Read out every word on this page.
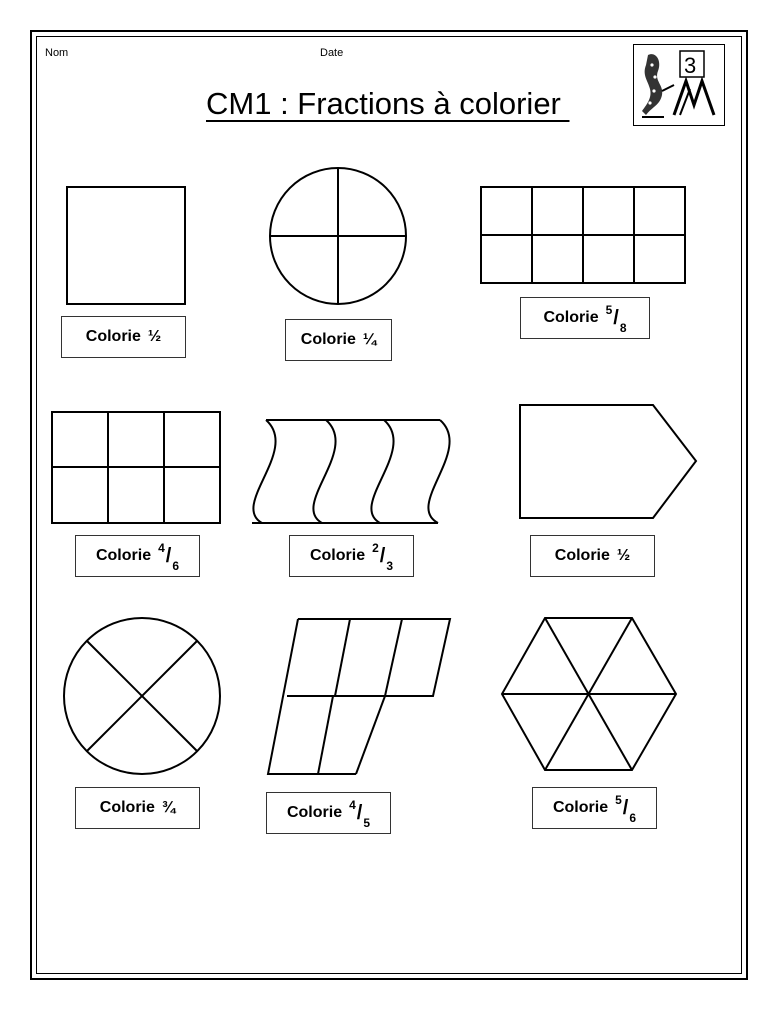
Nom	Date
CM1 : Fractions à colorier
3
Colorie ½	Colorie ¼
Colorie 5 / 8
Colorie 4 / 6
Colorie 2 / 3
Colorie ½
Colorie ¾	Colorie 4 / 5
Colorie 5 / 6
